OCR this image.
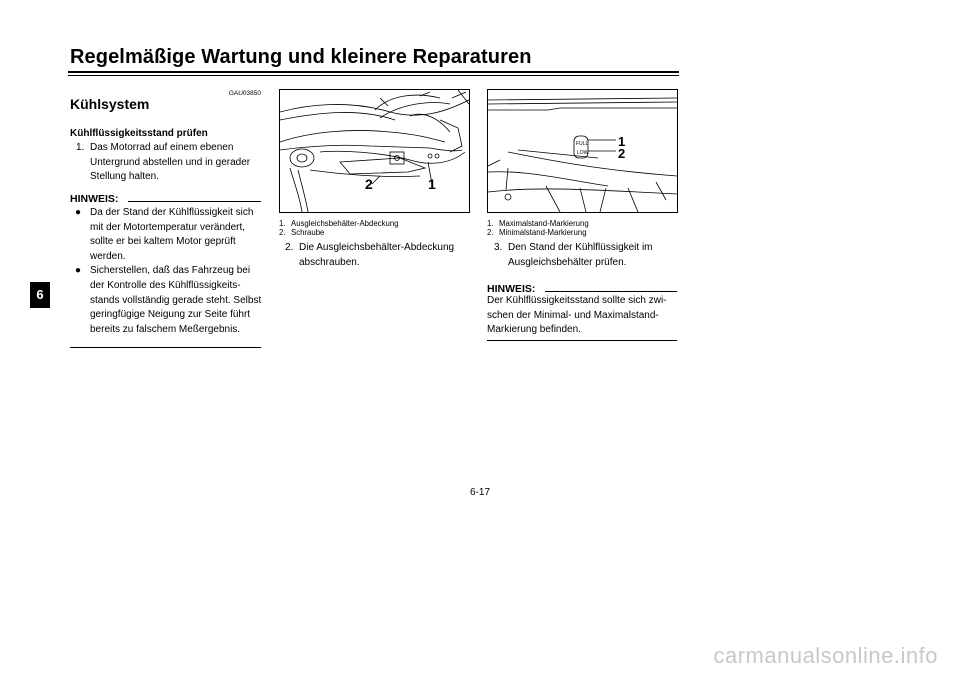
Regelmäßige Wartung und kleinere Reparaturen
6
GAU03850
Kühlsystem
Kühlflüssigkeitsstand prüfen
1. Das Motorrad auf einem ebenen Untergrund abstellen und in gerader Stellung halten.
HINWEIS:
● Da der Stand der Kühlflüssigkeit sich mit der Motortemperatur verändert, sollte er bei kaltem Motor geprüft werden.
● Sicherstellen, daß das Fahrzeug bei der Kontrolle des Kühlflüssigkeits-stands vollständig gerade steht. Selbst geringfügige Neigung zur Seite führt bereits zu falschem Meßergebnis.
2	1
1. Ausgleichsbehälter-Abdeckung
2. Schraube
2. Die Ausgleichsbehälter-Abdeckung abschrauben.
FULL
LOW
1
2
1. Maximalstand-Markierung
2. Minimalstand-Markierung
3. Den Stand der Kühlflüssigkeit im Ausgleichsbehälter prüfen.
HINWEIS:
Der Kühlflüssigkeitsstand sollte sich zwi-schen der Minimal- und Maximalstand-Markierung befinden.
6-17
carmanualsonline.info
